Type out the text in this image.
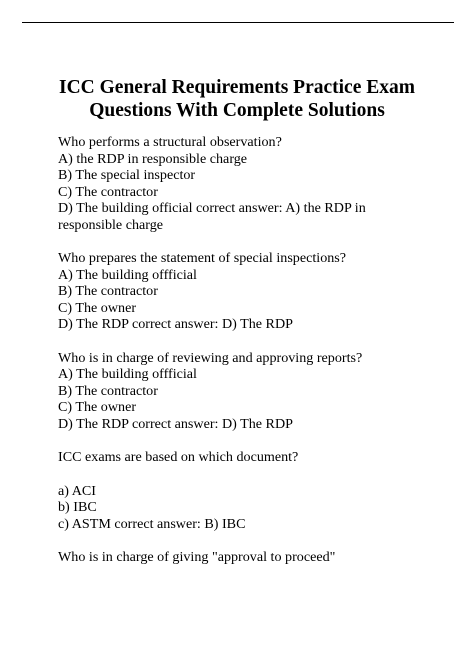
ICC General Requirements Practice Exam
Questions With Complete Solutions
Who performs a structural observation?
A) the RDP in responsible charge
B) The special inspector
C) The contractor
D) The building official correct answer: A) the RDP in
responsible charge
Who prepares the statement of special inspections?
A) The building offficial
B) The contractor
C) The owner
D) The RDP correct answer: D) The RDP
Who is in charge of reviewing and approving reports?
A) The building offficial
B) The contractor
C) The owner
D) The RDP correct answer: D) The RDP
ICC exams are based on which document?
a) ACI
b) IBC
c) ASTM correct answer: B) IBC
Who is in charge of giving "approval to proceed"
